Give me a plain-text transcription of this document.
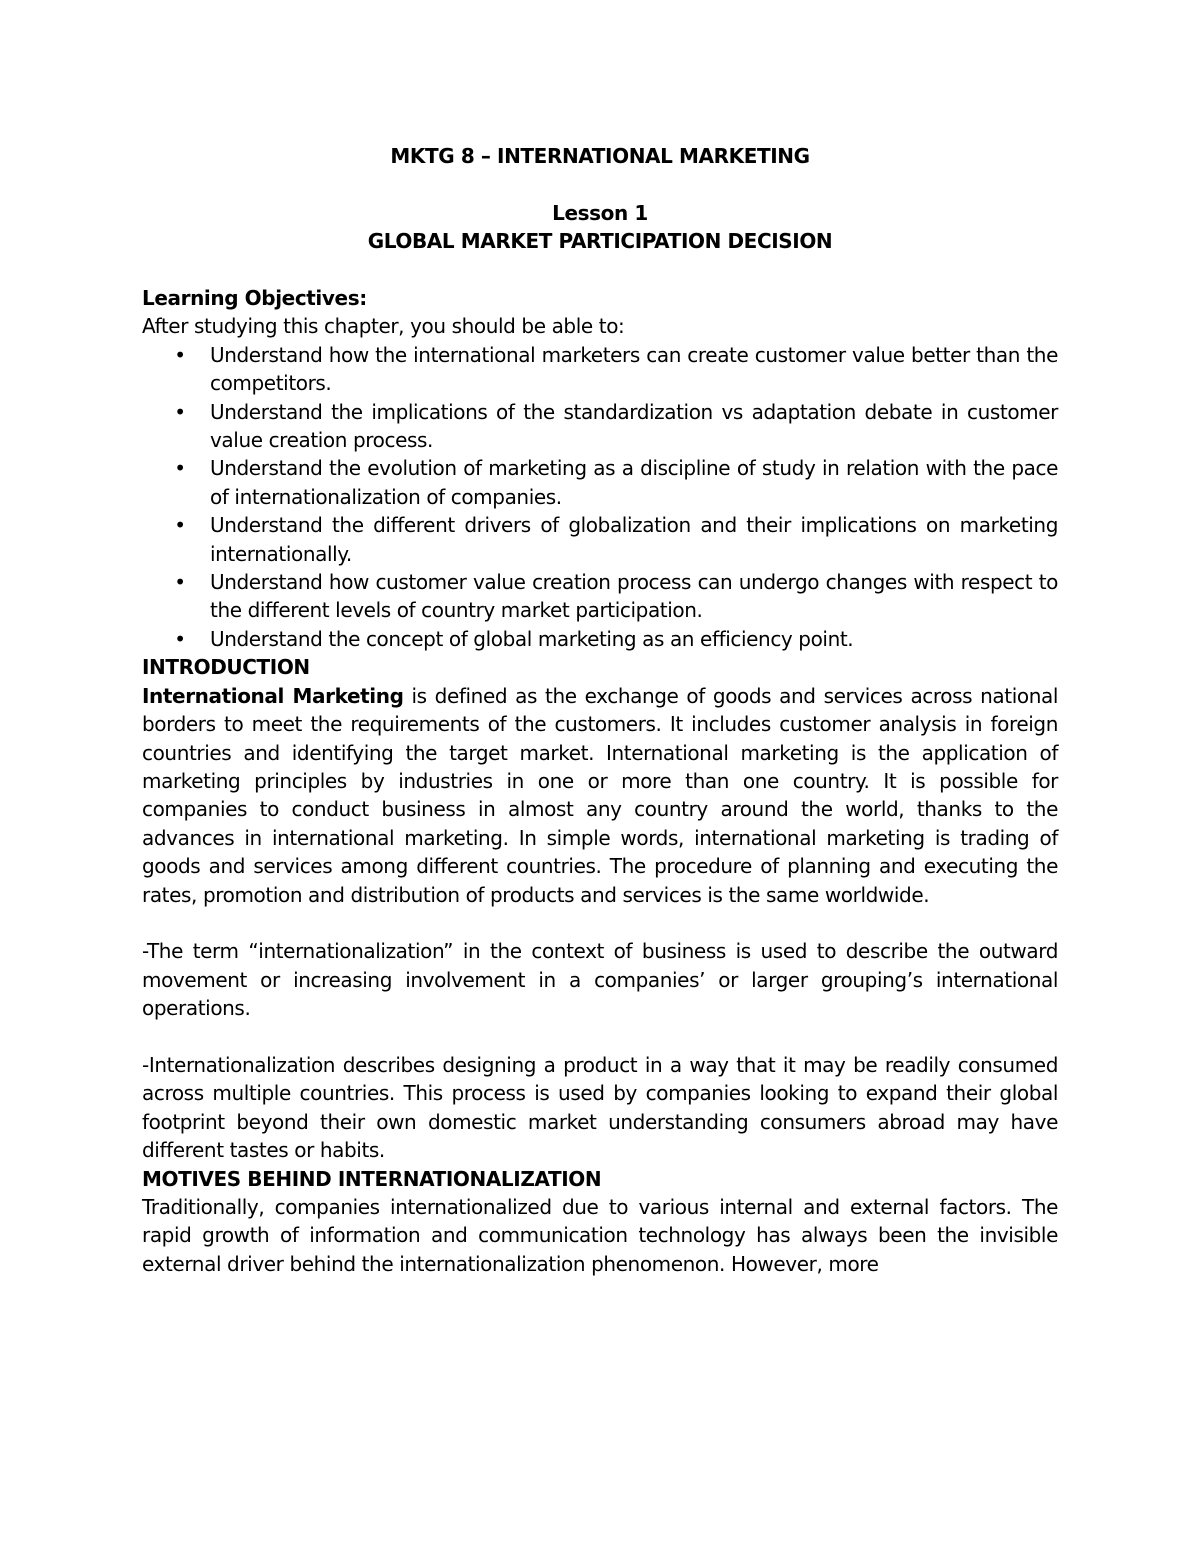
MKTG 8 – INTERNATIONAL MARKETING

Lesson 1

GLOBAL MARKET PARTICIPATION DECISION

Learning Objectives:

After studying this chapter, you should be able to:

• Understand how the international marketers can create customer value better than the competitors.
• Understand the implications of the standardization vs adaptation debate in customer value creation process.
• Understand the evolution of marketing as a discipline of study in relation with the pace of internationalization of companies.
• Understand the different drivers of globalization and their implications on marketing internationally.
• Understand how customer value creation process can undergo changes with respect to the different levels of country market participation.
• Understand the concept of global marketing as an efficiency point.

INTRODUCTION

International Marketing is defined as the exchange of goods and services across national borders to meet the requirements of the customers. It includes customer analysis in foreign countries and identifying the target market. International marketing is the application of marketing principles by industries in one or more than one country. It is possible for companies to conduct business in almost any country around the world, thanks to the advances in international marketing. In simple words, international marketing is trading of goods and services among different countries. The procedure of planning and executing the rates, promotion and distribution of products and services is the same worldwide.

-The term “internationalization” in the context of business is used to describe the outward movement or increasing involvement in a companies’ or larger grouping’s international operations.

-Internationalization describes designing a product in a way that it may be readily consumed across multiple countries. This process is used by companies looking to expand their global footprint beyond their own domestic market understanding consumers abroad may have different tastes or habits.

MOTIVES BEHIND INTERNATIONALIZATION

Traditionally, companies internationalized due to various internal and external factors. The rapid growth of information and communication technology has always been the invisible external driver behind the internationalization phenomenon. However, more
